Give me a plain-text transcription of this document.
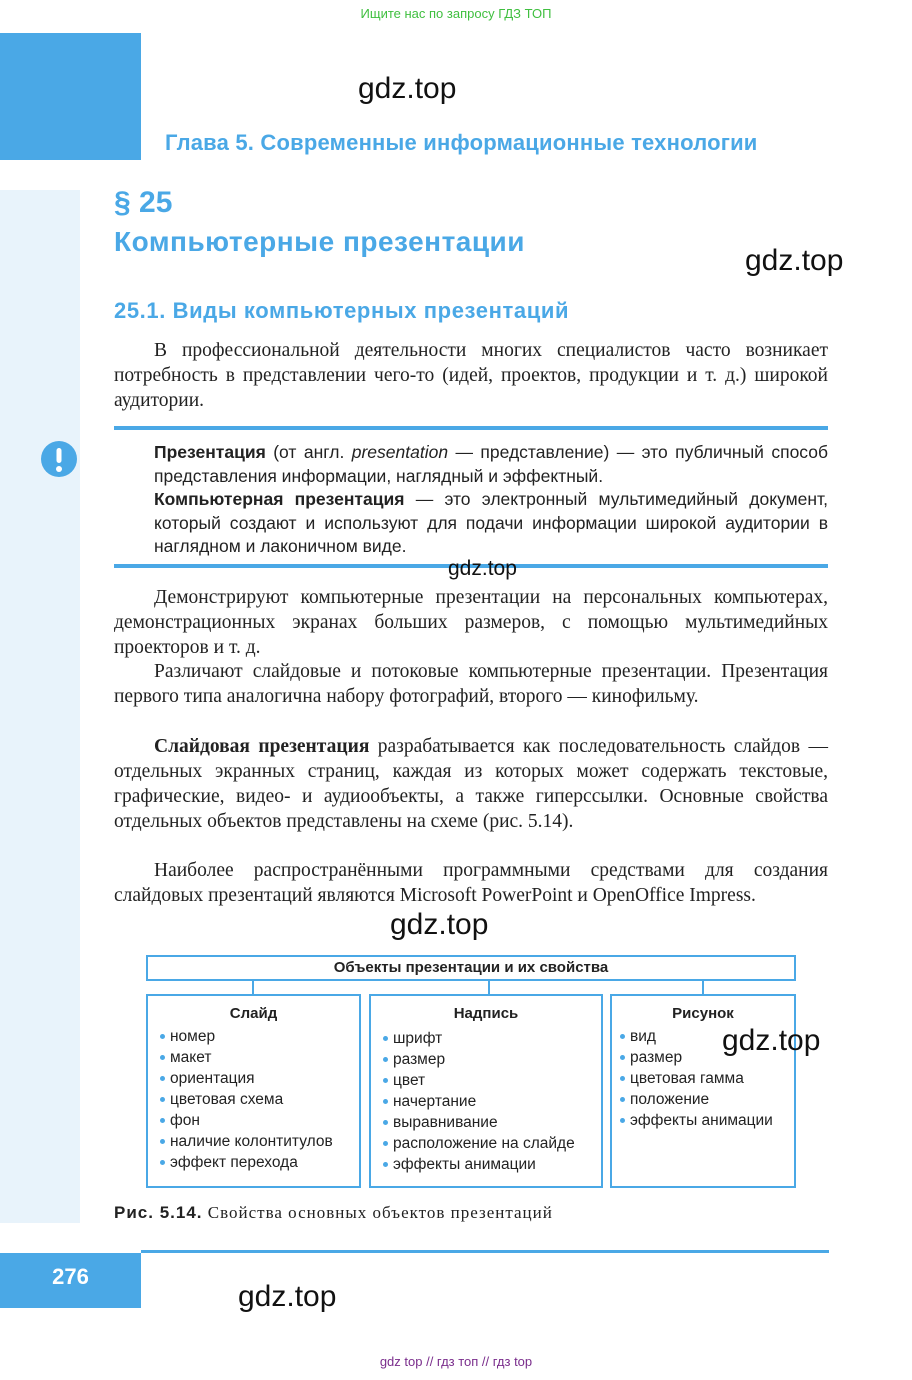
Ищите нас по запросу ГДЗ ТОП
gdz.top
Глава 5. Современные информационные технологии
§ 25
Компьютерные презентации
gdz.top
25.1. Виды компьютерных презентаций
В профессиональной деятельности многих специалистов часто возникает потребность в представлении чего-то (идей, проектов, продукции и т. д.) широкой аудитории.
Презентация (от англ. presentation — представление) — это публичный способ представления информации, наглядный и эффектный.
Компьютерная презентация — это электронный мультимедийный документ, который создают и используют для подачи информации широкой аудитории в наглядном и лаконичном виде.
gdz.top
Демонстрируют компьютерные презентации на персональных компьютерах, демонстрационных экранах больших размеров, с помощью мультимедийных проекторов и т. д.
Различают слайдовые и потоковые компьютерные презентации. Презентация первого типа аналогична набору фотографий, второго — кинофильму.
Слайдовая презентация разрабатывается как последовательность слайдов — отдельных экранных страниц, каждая из которых может содержать текстовые, графические, видео- и аудиообъекты, а также гиперссылки. Основные свойства отдельных объектов представлены на схеме (рис. 5.14).
Наиболее распространёнными программными средствами для создания слайдовых презентаций являются Microsoft PowerPoint и OpenOffice Impress.
gdz.top
Объекты презентации и их свойства
Слайд
номер
макет
ориентация
цветовая схема
фон
наличие колонтитулов
эффект перехода
Надпись
шрифт
размер
цвет
начертание
выравнивание
расположение на слайде
эффекты анимации
Рисунок
вид
размер
цветовая гамма
положение
эффекты анимации
gdz.top
Рис. 5.14. Свойства основных объектов презентаций
276
gdz.top
gdz top // гдз топ // гдз top
